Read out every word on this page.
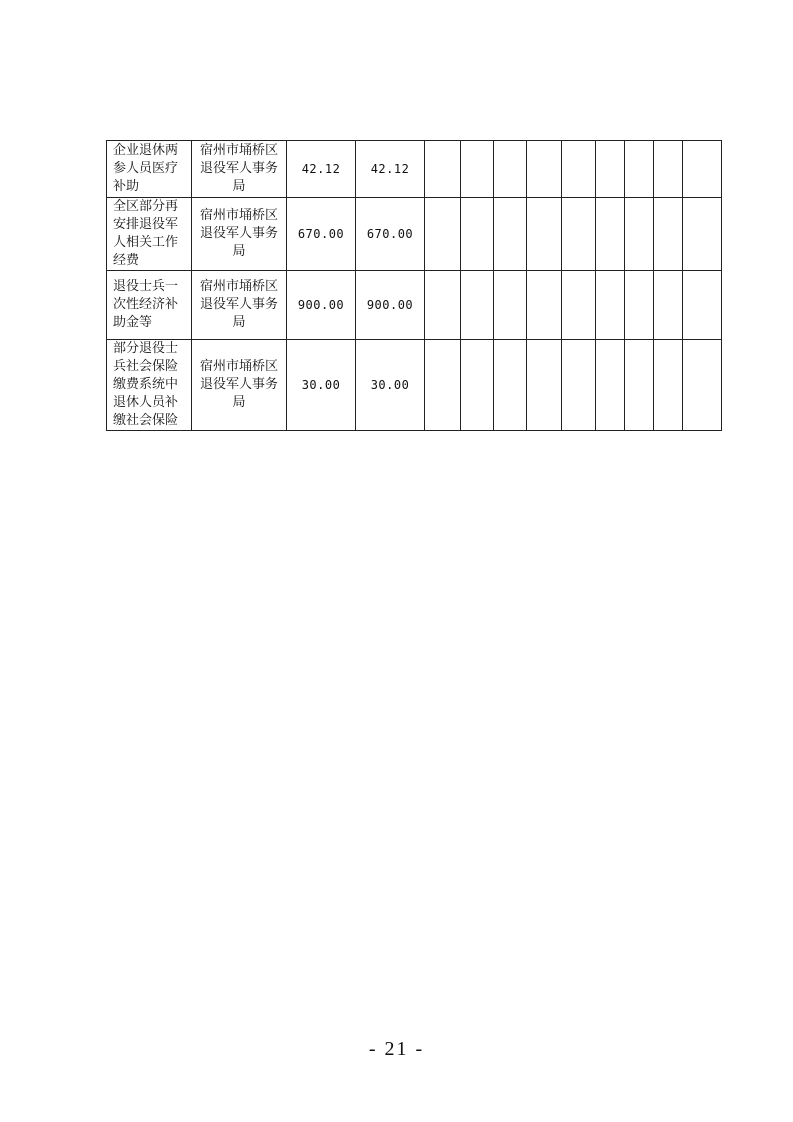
企业退休两参人员医疗补助	宿州市埇桥区退役军人事务局	42.12	42.12									
全区部分再安排退役军人相关工作经费	宿州市埇桥区退役军人事务局	670.00	670.00									
退役士兵一次性经济补助金等	宿州市埇桥区退役军人事务局	900.00	900.00									
部分退役士兵社会保险缴费系统中退休人员补缴社会保险	宿州市埇桥区退役军人事务局	30.00	30.00									
- 21 -
